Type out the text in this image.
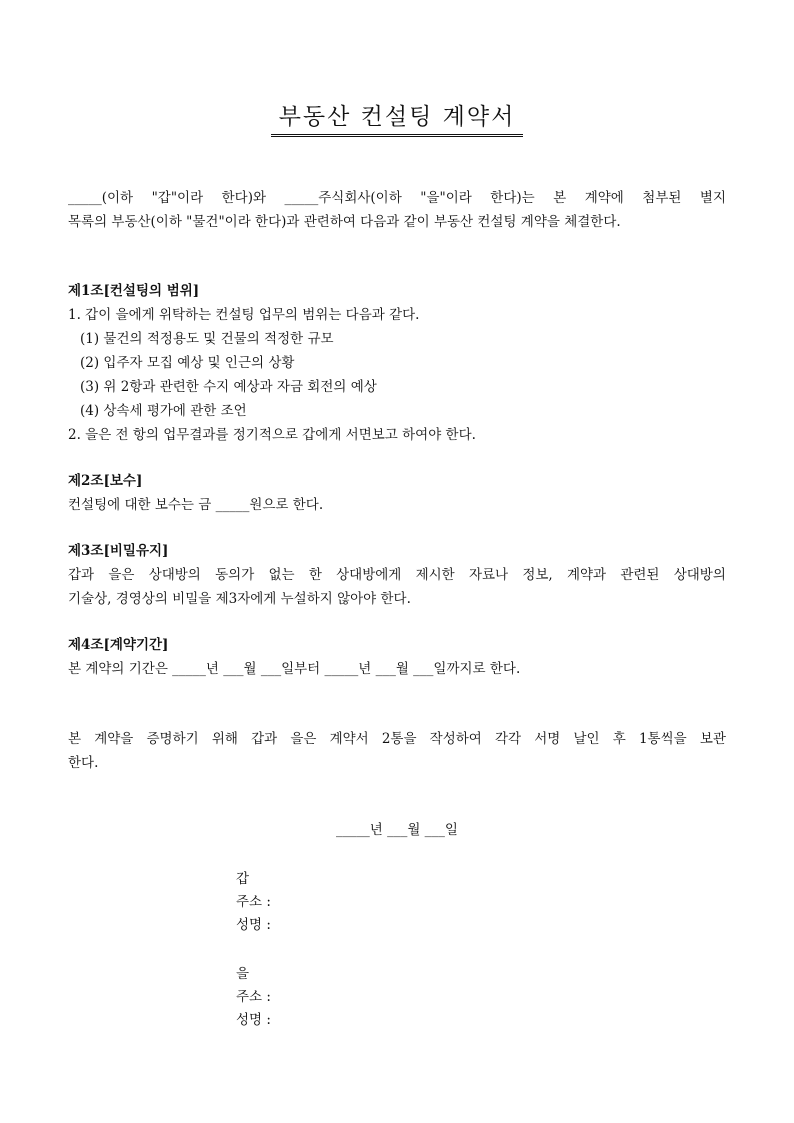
부동산 컨설팅 계약서
_____(이하 "갑"이라 한다)와 _____주식회사(이하 "을"이라 한다)는 본 계약에 첨부된 별지
목록의 부동산(이하 "물건"이라 한다)과 관련하여 다음과 같이 부동산 컨설팅 계약을 체결한다.
제1조[컨설팅의 범위]
1. 갑이 을에게 위탁하는 컨설팅 업무의 범위는 다음과 같다.
(1) 물건의 적정용도 및 건물의 적정한 규모
(2) 입주자 모집 예상 및 인근의 상황
(3) 위 2항과 관련한 수지 예상과 자금 회전의 예상
(4) 상속세 평가에 관한 조언
2. 을은 전 항의 업무결과를 정기적으로 갑에게 서면보고 하여야 한다.
제2조[보수]
컨설팅에 대한 보수는 금 _____원으로 한다.
제3조[비밀유지]
갑과 을은 상대방의 동의가 없는 한 상대방에게 제시한 자료나 정보, 계약과 관련된 상대방의
기술상, 경영상의 비밀을 제3자에게 누설하지 않아야 한다.
제4조[계약기간]
본 계약의 기간은 _____년 ___월 ___일부터 _____년 ___월 ___일까지로 한다.
본 계약을 증명하기 위해 갑과 을은 계약서 2통을 작성하여 각각 서명 날인 후 1통씩을 보관
한다.
_____년 ___월 ___일
갑
주소 :
성명 :
을
주소 :
성명 :
